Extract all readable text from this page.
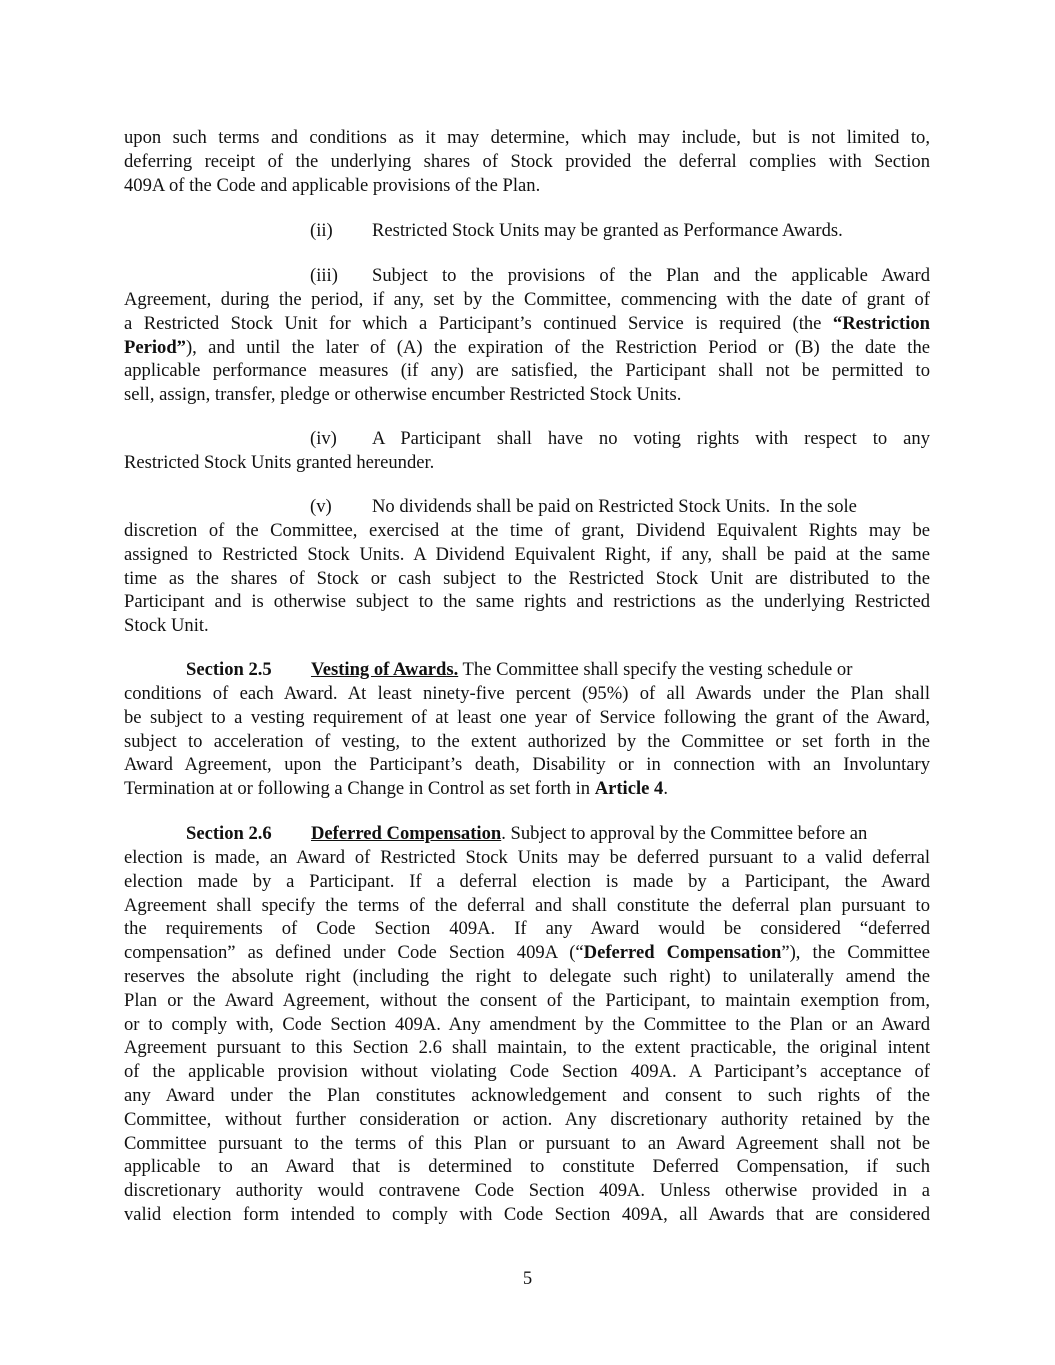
upon such terms and conditions as it may determine, which may include, but is not limited to,
deferring receipt of the underlying shares of Stock provided the deferral complies with Section
409A of the Code and applicable provisions of the Plan.
(ii) Restricted Stock Units may be granted as Performance Awards.
(iii) Subject to the provisions of the Plan and the applicable Award
Agreement, during the period, if any, set by the Committee, commencing with the date of grant of
a Restricted Stock Unit for which a Participant’s continued Service is required (the “Restriction
Period”), and until the later of (A) the expiration of the Restriction Period or (B) the date the
applicable performance measures (if any) are satisfied, the Participant shall not be permitted to
sell, assign, transfer, pledge or otherwise encumber Restricted Stock Units.
(iv) A Participant shall have no voting rights with respect to any
Restricted Stock Units granted hereunder.
(v) No dividends shall be paid on Restricted Stock Units.  In the sole
discretion of the Committee, exercised at the time of grant, Dividend Equivalent Rights may be
assigned to Restricted Stock Units. A Dividend Equivalent Right, if any, shall be paid at the same
time as the shares of Stock or cash subject to the Restricted Stock Unit are distributed to the
Participant and is otherwise subject to the same rights and restrictions as the underlying Restricted
Stock Unit.
Section 2.5 Vesting of Awards. The Committee shall specify the vesting schedule or
conditions of each Award. At least ninety-five percent (95%) of all Awards under the Plan shall
be subject to a vesting requirement of at least one year of Service following the grant of the Award,
subject to acceleration of vesting, to the extent authorized by the Committee or set forth in the
Award Agreement, upon the Participant’s death, Disability or in connection with an Involuntary
Termination at or following a Change in Control as set forth in Article 4.
Section 2.6 Deferred Compensation. Subject to approval by the Committee before an
election is made, an Award of Restricted Stock Units may be deferred pursuant to a valid deferral
election made by a Participant. If a deferral election is made by a Participant, the Award
Agreement shall specify the terms of the deferral and shall constitute the deferral plan pursuant to
the requirements of Code Section 409A. If any Award would be considered “deferred
compensation” as defined under Code Section 409A (“Deferred Compensation”), the Committee
reserves the absolute right (including the right to delegate such right) to unilaterally amend the
Plan or the Award Agreement, without the consent of the Participant, to maintain exemption from,
or to comply with, Code Section 409A. Any amendment by the Committee to the Plan or an Award
Agreement pursuant to this Section 2.6 shall maintain, to the extent practicable, the original intent
of the applicable provision without violating Code Section 409A. A Participant’s acceptance of
any Award under the Plan constitutes acknowledgement and consent to such rights of the
Committee, without further consideration or action. Any discretionary authority retained by the
Committee pursuant to the terms of this Plan or pursuant to an Award Agreement shall not be
applicable to an Award that is determined to constitute Deferred Compensation, if such
discretionary authority would contravene Code Section 409A. Unless otherwise provided in a
valid election form intended to comply with Code Section 409A, all Awards that are considered
5
